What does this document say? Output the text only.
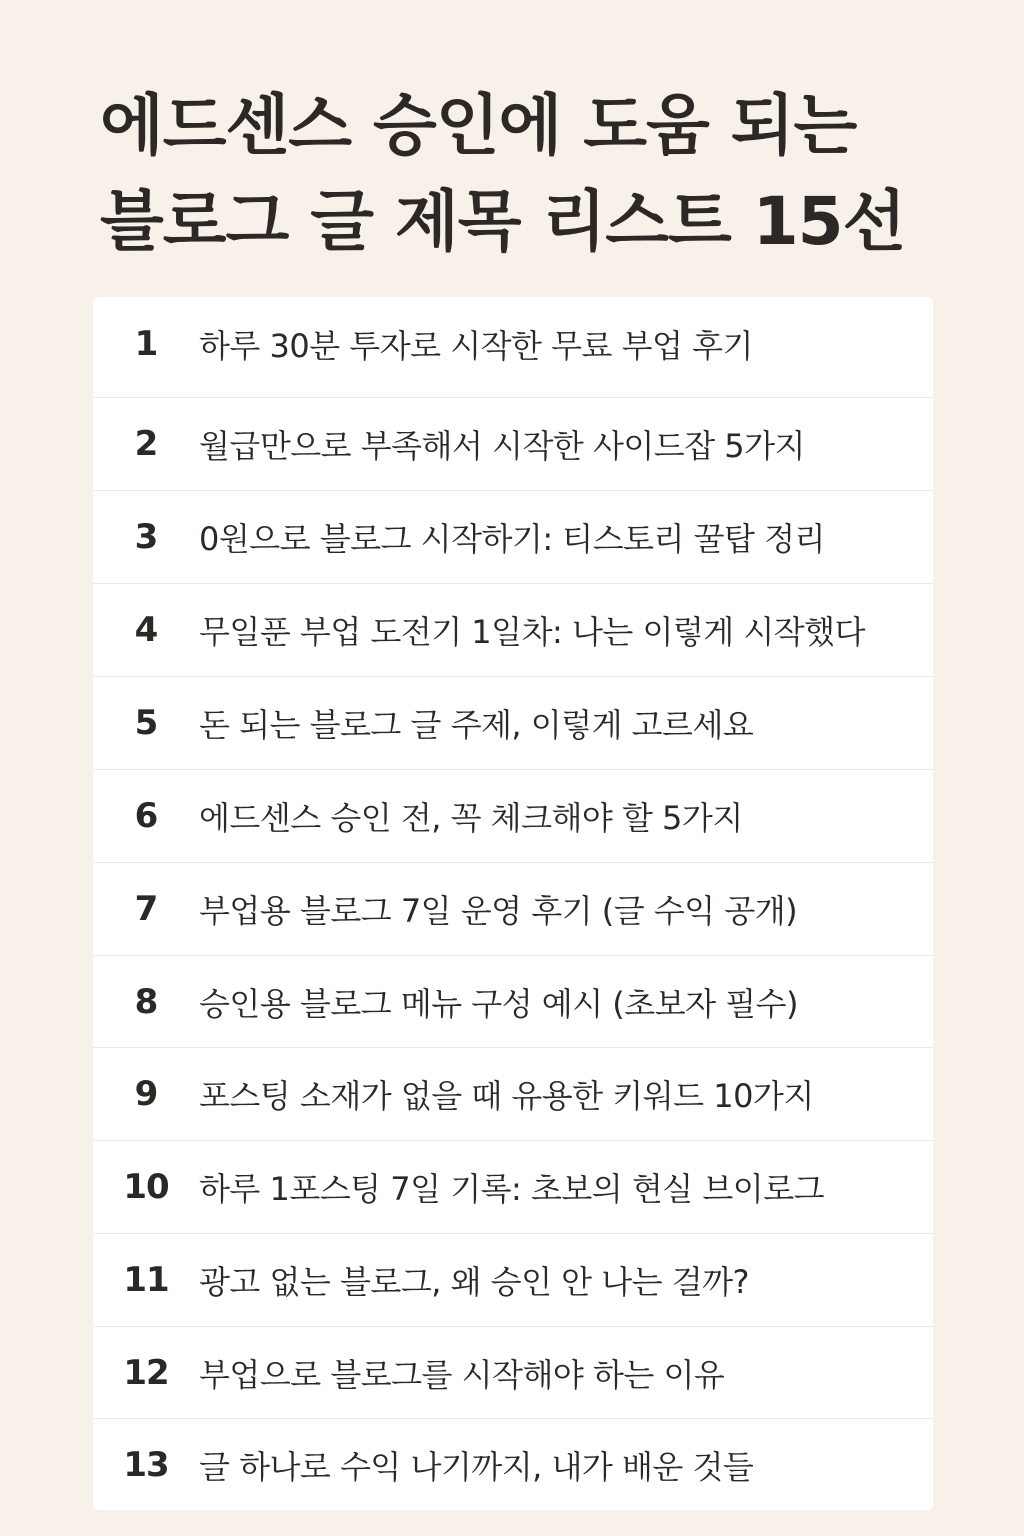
에드센스 승인에 도움 되는
블로그 글 제목 리스트 15선
1	하루 30분 투자로 시작한 무료 부업 후기
2	월급만으로 부족해서 시작한 사이드잡 5가지
3	0원으로 블로그 시작하기: 티스토리 꿀탑 정리
4	무일푼 부업 도전기 1일차: 나는 이렇게 시작했다
5	돈 되는 블로그 글 주제, 이렇게 고르세요
6	에드센스 승인 전, 꼭 체크해야 할 5가지
7	부업용 블로그 7일 운영 후기 (글 수익 공개)
8	승인용 블로그 메뉴 구성 예시 (초보자 필수)
9	포스팅 소재가 없을 때 유용한 키워드 10가지
10 하루 1포스팅 7일 기록: 초보의 현실 브이로그
11 광고 없는 블로그, 왜 승인 안 나는 걸까?
12 부업으로 블로그를 시작해야 하는 이유
13 글 하나로 수익 나기까지, 내가 배운 것들
